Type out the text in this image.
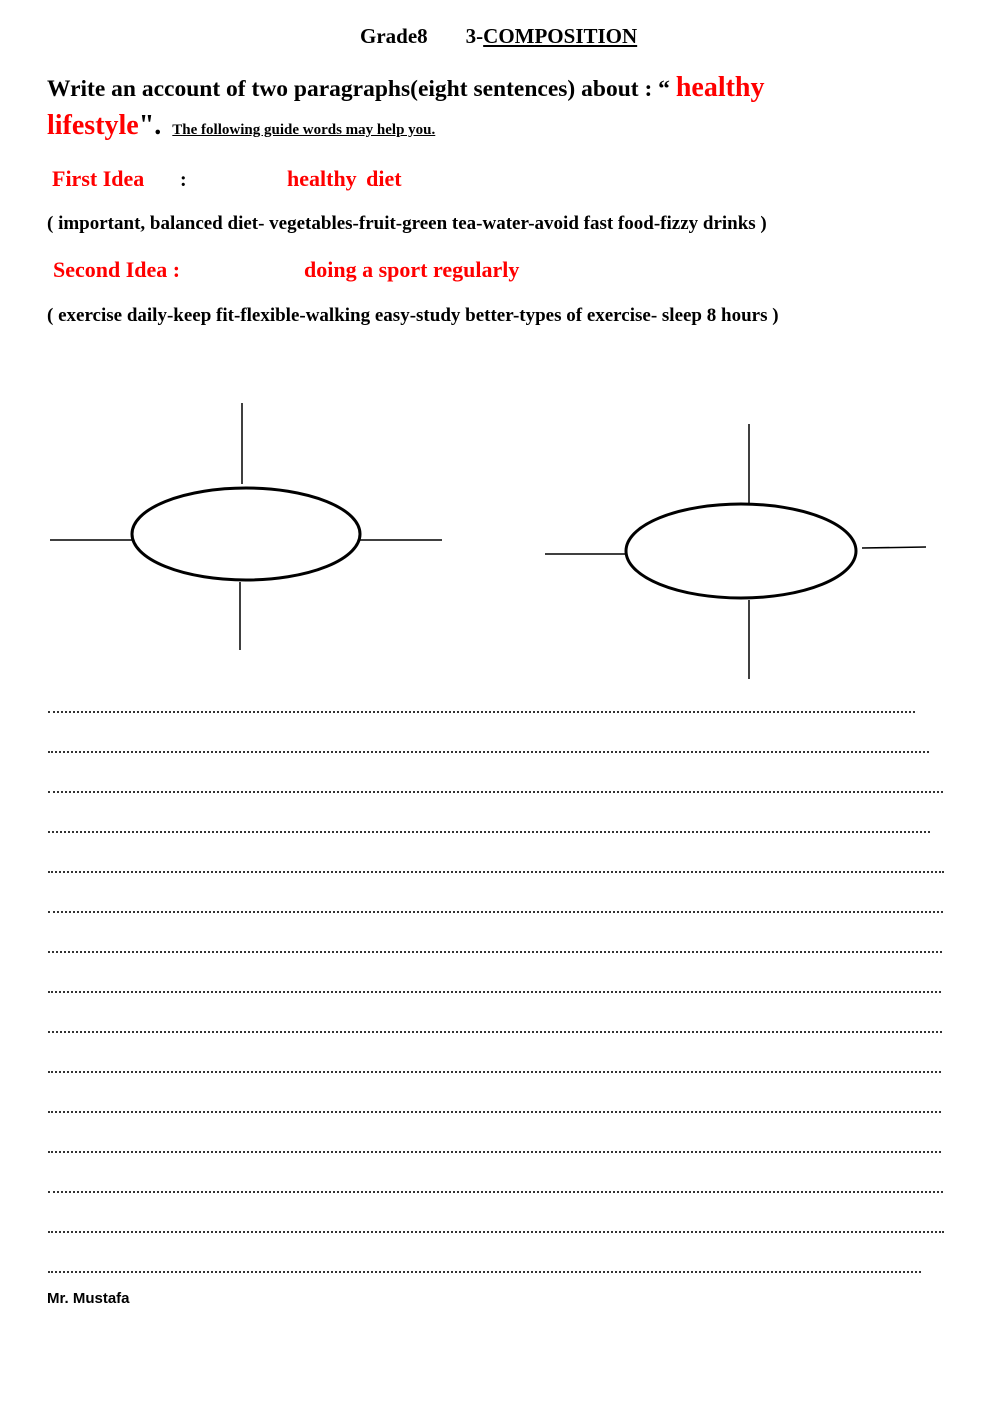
Grade8 3-COMPOSITION
Write an account of two paragraphs(eight sentences) about : “ healthy
lifestyle". The following guide words may help you.
First Idea :	healthy diet
( important, balanced diet- vegetables-fruit-green tea-water-avoid fast food-fizzy drinks )
Second Idea :	doing a sport regularly
( exercise daily-keep fit-flexible-walking easy-study better-types of exercise- sleep 8 hours )
Mr. Mustafa
